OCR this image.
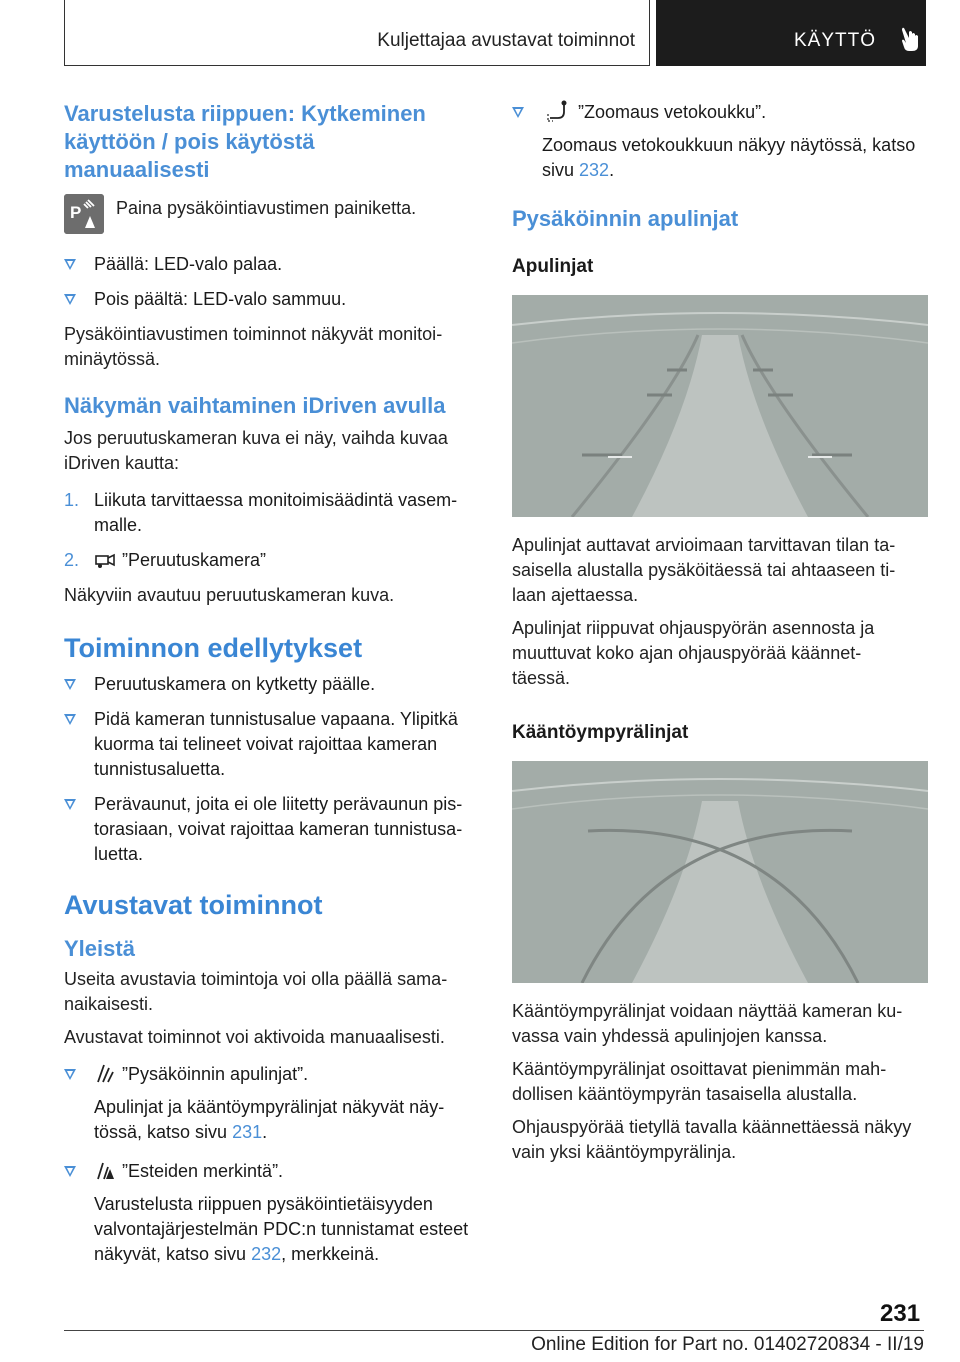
Kuljettajaa avustavat toiminnot	KÄYTTÖ
Varustelusta riippuen: Kytkeminen käyttöön / pois käytöstä manuaalisesti
P Paina pysäköintiavustimen painiketta.
Päällä: LED-valo palaa.
Pois päältä: LED-valo sammuu.
Pysäköintiavustimen toiminnot näkyvät monitoiminäytössä.
Näkymän vaihtaminen iDriven avulla
Jos peruutuskameran kuva ei näy, vaihda kuvaa iDriven kautta:
1. Liikuta tarvittaessa monitoimisäädintä vasemmalle.
2. ”Peruutuskamera”
Näkyviin avautuu peruutuskameran kuva.
Toiminnon edellytykset
Peruutuskamera on kytketty päälle.
Pidä kameran tunnistusalue vapaana. Ylipitkä kuorma tai telineet voivat rajoittaa kameran tunnistusaluetta.
Perävaunut, joita ei ole liitetty perävaunun pistorasiaan, voivat rajoittaa kameran tunnistusaluetta.
Avustavat toiminnot
Yleistä
Useita avustavia toimintoja voi olla päällä samanaikaisesti.
Avustavat toiminnot voi aktivoida manuaalisesti.
”Pysäköinnin apulinjat”.
Apulinjat ja kääntöympyrälinjat näkyvät näytössä, katso sivu 231.
”Esteiden merkintä”.
Varustelusta riippuen pysäköintietäisyyden valvontajärjestelmän PDC:n tunnistamat esteet näkyvät, katso sivu 232, merkkeinä.
”Zoomaus vetokoukku”.
Zoomaus vetokoukkuun näkyy näytössä, katso sivu 232.
Pysäköinnin apulinjat
Apulinjat
Apulinjat auttavat arvioimaan tarvittavan tilan tasaisella alustalla pysäköitäessä tai ahtaaseen tilaan ajettaessa.
Apulinjat riippuvat ohjauspyörän asennosta ja muuttuvat koko ajan ohjauspyörää käännettäessä.
Kääntöympyrälinjat
Kääntöympyrälinjat voidaan näyttää kameran kuvassa vain yhdessä apulinjojen kanssa.
Kääntöympyrälinjat osoittavat pienimmän mahdollisen kääntöympyrän tasaisella alustalla.
Ohjauspyörää tietyllä tavalla käännettäessä näkyy vain yksi kääntöympyrälinja.
231
Online Edition for Part no. 01402720834 - II/19
